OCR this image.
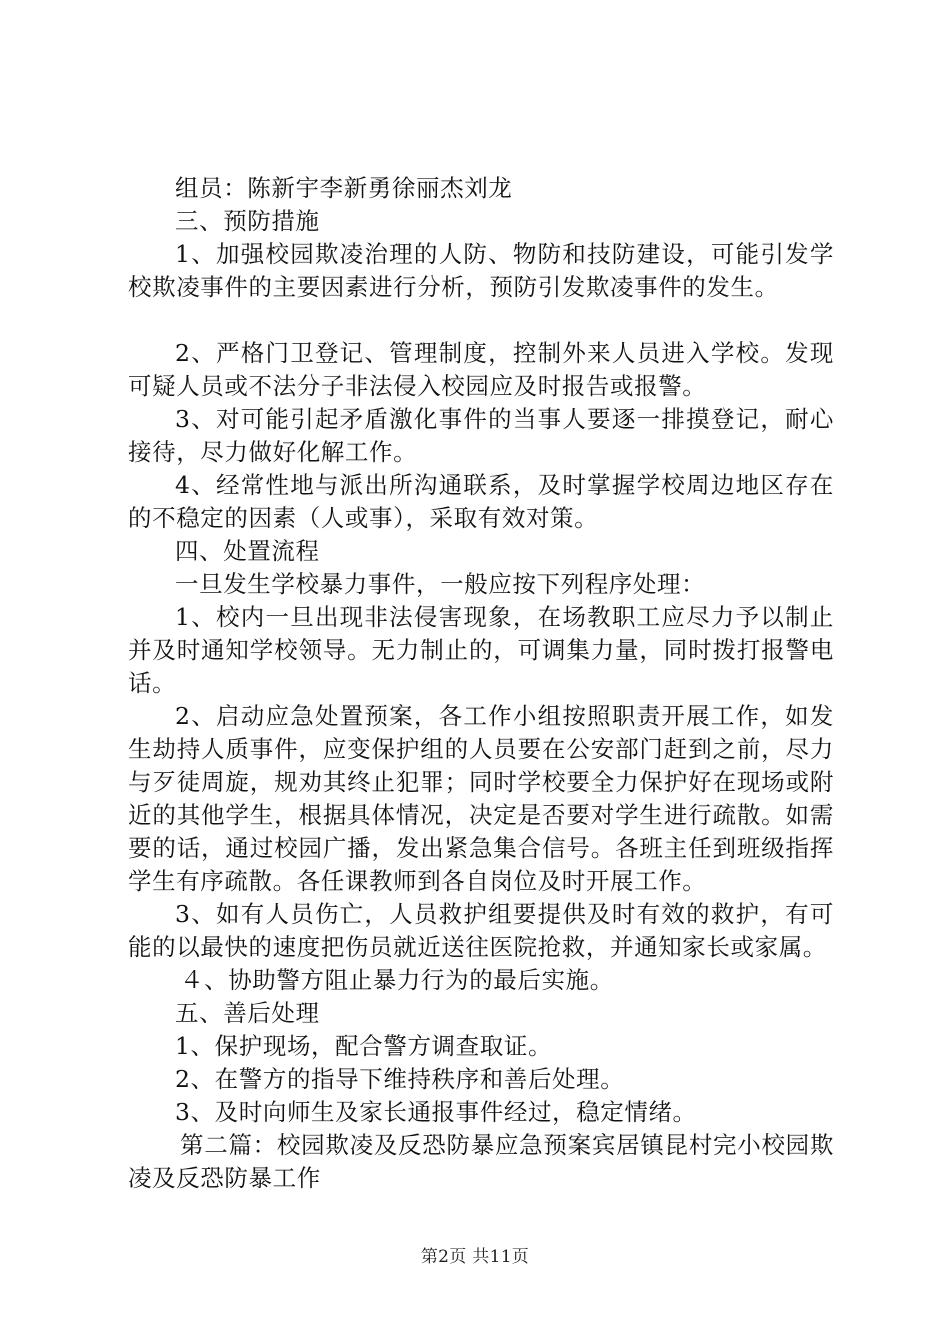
组员：陈新宇李新勇徐丽杰刘龙

三、预防措施

1、加强校园欺凌治理的人防、物防和技防建设，可能引发学校欺凌事件的主要因素进行分析，预防引发欺凌事件的发生。

2、严格门卫登记、管理制度，控制外来人员进入学校。发现可疑人员或不法分子非法侵入校园应及时报告或报警。

3、对可能引起矛盾激化事件的当事人要逐一排摸登记，耐心接待，尽力做好化解工作。

4、经常性地与派出所沟通联系，及时掌握学校周边地区存在的不稳定的因素（人或事），采取有效对策。

四、处置流程

一旦发生学校暴力事件，一般应按下列程序处理：

1、校内一旦出现非法侵害现象，在场教职工应尽力予以制止并及时通知学校领导。无力制止的，可调集力量，同时拨打报警电话。

2、启动应急处置预案，各工作小组按照职责开展工作，如发生劫持人质事件，应变保护组的人员要在公安部门赶到之前，尽力与歹徒周旋，规劝其终止犯罪；同时学校要全力保护好在现场或附近的其他学生，根据具体情况，决定是否要对学生进行疏散。如需要的话，通过校园广播，发出紧急集合信号。各班主任到班级指挥学生有序疏散。各任课教师到各自岗位及时开展工作。

3、如有人员伤亡，人员救护组要提供及时有效的救护，有可能的以最快的速度把伤员就近送往医院抢救，并通知家长或家属。

４、协助警方阻止暴力行为的最后实施。

五、善后处理

1、保护现场，配合警方调查取证。

2、在警方的指导下维持秩序和善后处理。

3、及时向师生及家长通报事件经过，稳定情绪。

第二篇：校园欺凌及反恐防暴应急预案宾居镇昆村完小校园欺凌及反恐防暴工作

第2页 共11页
